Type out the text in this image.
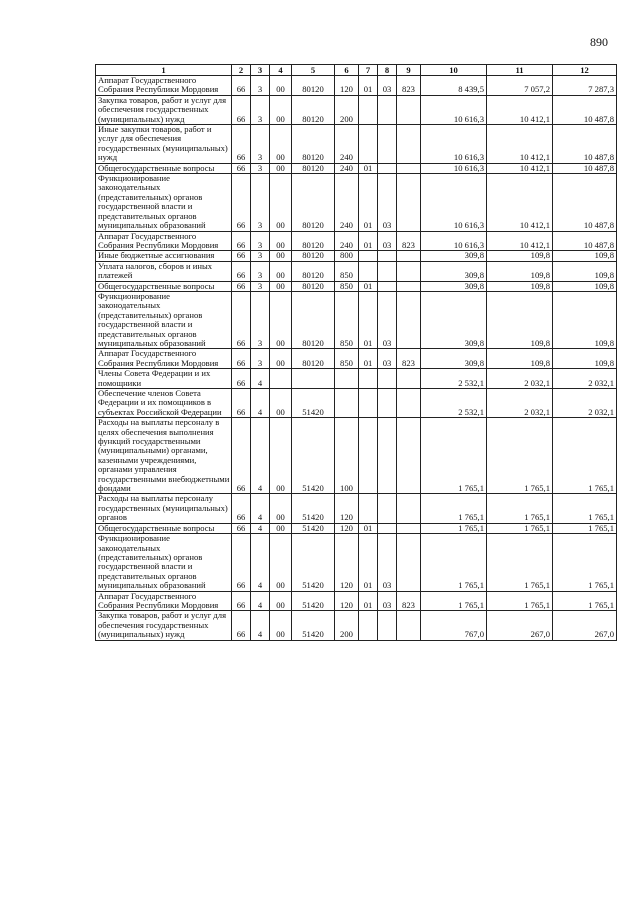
890
1	2	3	4	5	6	7	8	9	10	11	12
Аппарат Государственного Собрания Республики Мордовия	66	3	00	80120	120	01	03	823	8 439,5	7 057,2	7 287,3
Закупка товаров, работ и услуг для обеспечения государственных (муниципальных) нужд	66	3	00	80120	200				10 616,3	10 412,1	10 487,8
Иные закупки товаров, работ и услуг для обеспечения государственных (муниципальных) нужд	66	3	00	80120	240				10 616,3	10 412,1	10 487,8
Общегосударственные вопросы	66	3	00	80120	240	01			10 616,3	10 412,1	10 487,8
Функционирование законодательных (представительных) органов государственной власти и представительных органов муниципальных образований	66	3	00	80120	240	01	03		10 616,3	10 412,1	10 487,8
Аппарат Государственного Собрания Республики Мордовия	66	3	00	80120	240	01	03	823	10 616,3	10 412,1	10 487,8
Иные бюджетные ассигнования	66	3	00	80120	800				309,8	109,8	109,8
Уплата налогов, сборов и иных платежей	66	3	00	80120	850				309,8	109,8	109,8
Общегосударственные вопросы	66	3	00	80120	850	01			309,8	109,8	109,8
Функционирование законодательных (представительных) органов государственной власти и представительных органов муниципальных образований	66	3	00	80120	850	01	03		309,8	109,8	109,8
Аппарат Государственного Собрания Республики Мордовия	66	3	00	80120	850	01	03	823	309,8	109,8	109,8
Члены Совета Федерации и их помощники	66	4							2 532,1	2 032,1	2 032,1
Обеспечение членов Совета Федерации и их помощников в субъектах Российской Федерации	66	4	00	51420					2 532,1	2 032,1	2 032,1
Расходы на выплаты персоналу в целях обеспечения выполнения функций государственными (муниципальными) органами, казенными учреждениями, органами управления государственными внебюджетными фондами	66	4	00	51420	100				1 765,1	1 765,1	1 765,1
Расходы на выплаты персоналу государственных (муниципальных) органов	66	4	00	51420	120				1 765,1	1 765,1	1 765,1
Общегосударственные вопросы	66	4	00	51420	120	01			1 765,1	1 765,1	1 765,1
Функционирование законодательных (представительных) органов государственной власти и представительных органов муниципальных образований	66	4	00	51420	120	01	03		1 765,1	1 765,1	1 765,1
Аппарат Государственного Собрания Республики Мордовия	66	4	00	51420	120	01	03	823	1 765,1	1 765,1	1 765,1
Закупка товаров, работ и услуг для обеспечения государственных (муниципальных) нужд	66	4	00	51420	200				767,0	267,0	267,0
